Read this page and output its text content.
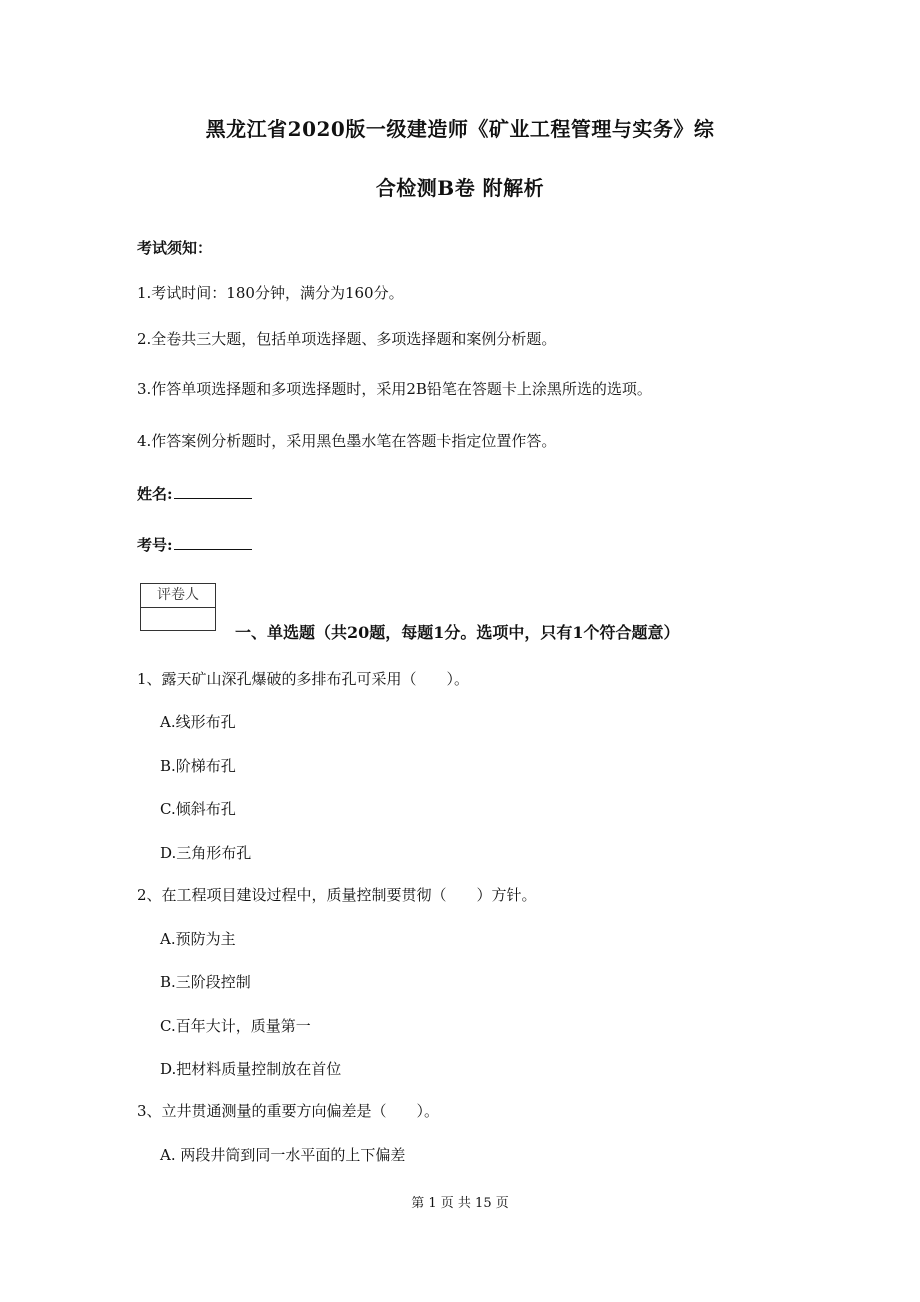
黑龙江省2020版一级建造师《矿业工程管理与实务》综
合检测B卷 附解析
考试须知：
1.考试时间：180分钟，满分为160分。
2.全卷共三大题，包括单项选择题、多项选择题和案例分析题。
3.作答单项选择题和多项选择题时，采用2B铅笔在答题卡上涂黑所选的选项。
4.作答案例分析题时，采用黑色墨水笔在答题卡指定位置作答。
姓名:
考号:
评卷人
一、单选题（共20题，每题1分。选项中，只有1个符合题意）
1、露天矿山深孔爆破的多排布孔可采用（　　）。
A.线形布孔
B.阶梯布孔
C.倾斜布孔
D.三角形布孔
2、在工程项目建设过程中，质量控制要贯彻（　　）方针。
A.预防为主
B.三阶段控制
C.百年大计，质量第一
D.把材料质量控制放在首位
3、立井贯通测量的重要方向偏差是（　　）。
A. 两段井筒到同一水平面的上下偏差
第 1 页 共 15 页
